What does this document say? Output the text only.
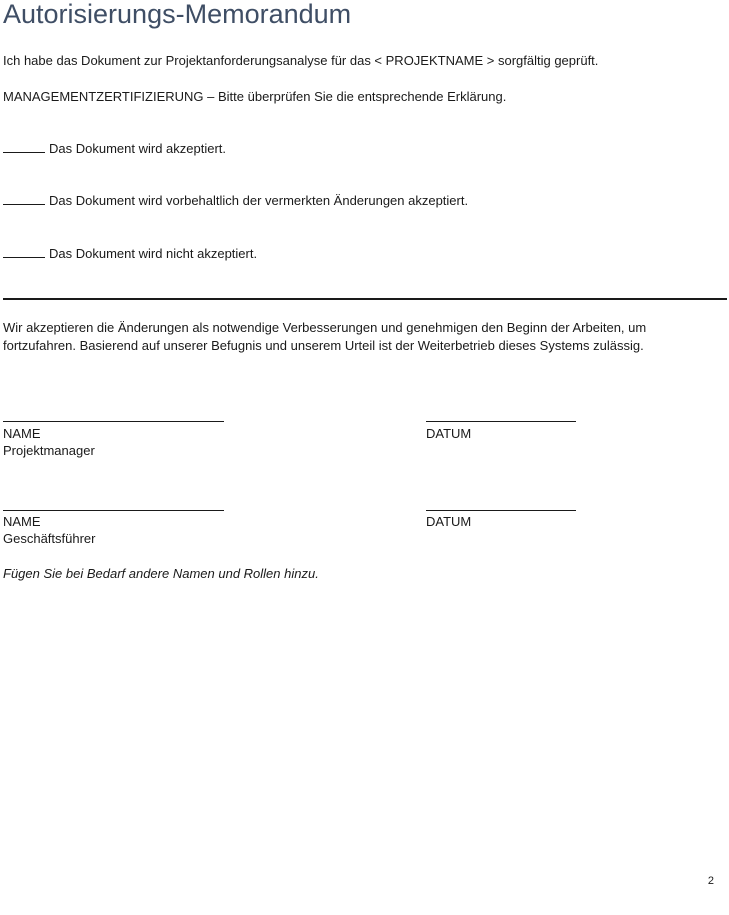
Autorisierungs-Memorandum
Ich habe das Dokument zur Projektanforderungsanalyse für das < PROJEKTNAME > sorgfältig geprüft.
MANAGEMENTZERTIFIZIERUNG – Bitte überprüfen Sie die entsprechende Erklärung.
Das Dokument wird akzeptiert.
Das Dokument wird vorbehaltlich der vermerkten Änderungen akzeptiert.
Das Dokument wird nicht akzeptiert.
Wir akzeptieren die Änderungen als notwendige Verbesserungen und genehmigen den Beginn der Arbeiten, um fortzufahren. Basierend auf unserer Befugnis und unserem Urteil ist der Weiterbetrieb dieses Systems zulässig.
NAME	DATUM
Projektmanager
NAME	DATUM
Geschäftsführer
Fügen Sie bei Bedarf andere Namen und Rollen hinzu.
2
